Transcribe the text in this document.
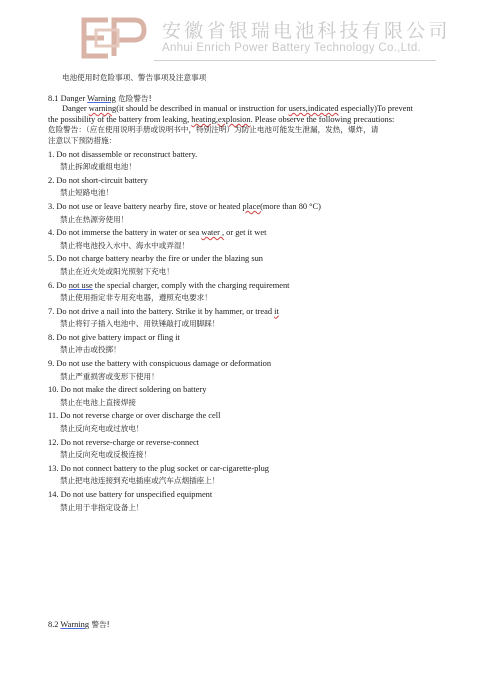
安徽省银瑞电池科技有限公司
Anhui Enrich Power Battery Technology Co.,Ltd.

电池使用时危险事项、警告事项及注意事项

8.1 Danger Warning 危险警告!

Danger warning(it should be described in manual or instruction for users,indicated especially)To prevent

the possibility of the battery from leaking, heating,explosion. Please observe the following precautions:

危险警告：（应在使用说明手册或说明书中，特别注明）为防止电池可能发生泄漏，发热，爆炸，请

注意以下预防措施：

1. Do not disassemble or reconstruct battery.

禁止拆卸或重组电池！

2. Do not short-circuit battery

禁止短路电池！

3. Do not use or leave battery nearby fire, stove or heated place(more than 80 °C)

禁止在热源旁使用！

4. Do not immerse the battery in water or sea water , or get it wet

禁止将电池投入水中、海水中或弄湿！

5. Do not charge battery nearby the fire or under the blazing sun

禁止在近火处或阳光照射下充电！

6. Do not use the special charger, comply with the charging requirement

禁止使用指定非专用充电器，遵照充电要求！

7. Do not drive a nail into the battery. Strike it by hammer, or tread it

禁止将钉子插入电池中、用铁锤敲打或用脚踩！

8. Do not give battery impact or fling it

禁止冲击或投掷！

9. Do not use the battery with conspicuous damage or deformation

禁止严重损害或变形下使用！

10. Do not make the direct soldering on battery

禁止在电池上直接焊接

11. Do not reverse charge or over discharge the cell

禁止反向充电或过放电！

12. Do not reverse-charge or reverse-connect

禁止反向充电或反极连接！

13. Do not connect battery to the plug socket or car-cigarette-plug

禁止把电池连接到充电插座或汽车点烟插座上！

14. Do not use battery for unspecified equipment

禁止用于非指定设备上！

8.2 Warning 警告!
